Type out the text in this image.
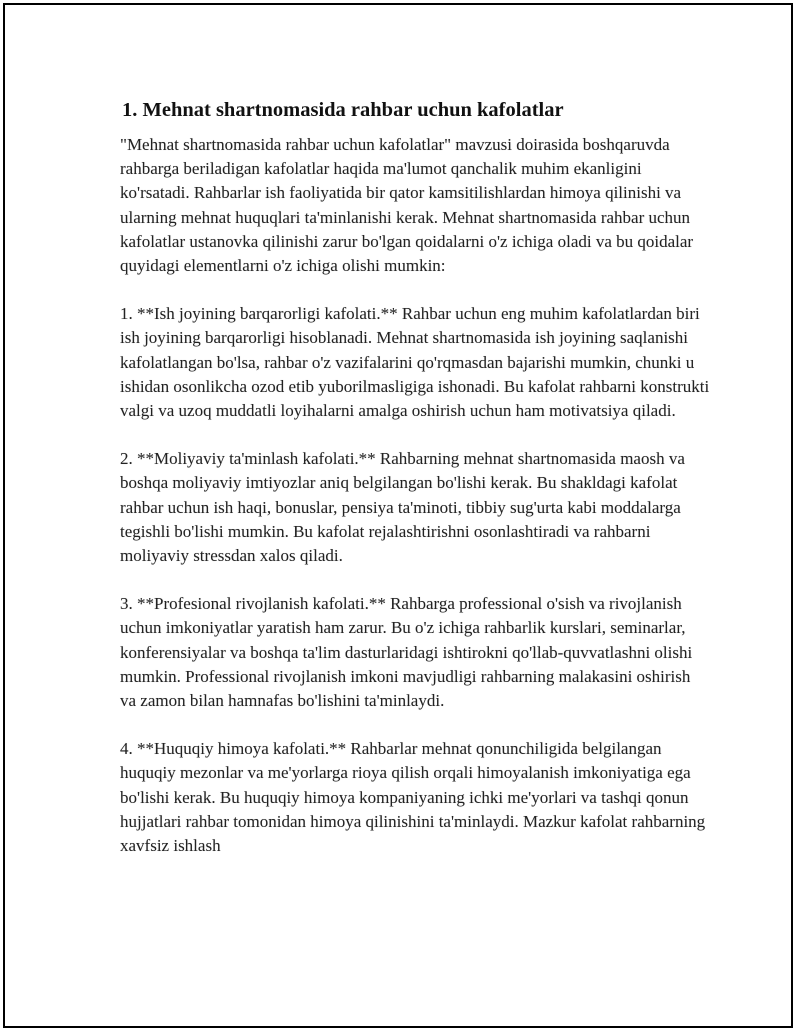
1. Mehnat shartnomasida rahbar uchun kafolatlar

"Mehnat shartnomasida rahbar uchun kafolatlar" mavzusi doirasida boshqaruvda rahbarga beriladigan kafolatlar haqida ma'lumot qanchalik muhim ekanligini ko'rsatadi. Rahbarlar ish faoliyatida bir qator kamsitilishlardan himoya qilinishi va ularning mehnat huquqlari ta'minlanishi kerak. Mehnat shartnomasida rahbar uchun kafolatlar ustanovka qilinishi zarur bo'lgan qoidalarni o'z ichiga oladi va bu qoidalar quyidagi elementlarni o'z ichiga olishi mumkin:

1. **Ish joyining barqarorligi kafolati.** Rahbar uchun eng muhim kafolatlardan biri ish joyining barqarorligi hisoblanadi. Mehnat shartnomasida ish joyining saqlanishi kafolatlangan bo'lsa, rahbar o'z vazifalarini qo'rqmasdan bajarishi mumkin, chunki u ishidan osonlikcha ozod etib yuborilmasligiga ishonadi. Bu kafolat rahbarni konstrukti valgi va uzoq muddatli loyihalarni amalga oshirish uchun ham motivatsiya qiladi.

2. **Moliyaviy ta'minlash kafolati.** Rahbarning mehnat shartnomasida maosh va boshqa moliyaviy imtiyozlar aniq belgilangan bo'lishi kerak. Bu shakldagi kafolat rahbar uchun ish haqi, bonuslar, pensiya ta'minoti, tibbiy sug'urta kabi moddalarga tegishli bo'lishi mumkin. Bu kafolat rejalashtirishni osonlashtiradi va rahbarni moliyaviy stressdan xalos qiladi.

3. **Profesional rivojlanish kafolati.** Rahbarga professional o'sish va rivojlanish uchun imkoniyatlar yaratish ham zarur. Bu o'z ichiga rahbarlik kurslari, seminarlar, konferensiyalar va boshqa ta'lim dasturlaridagi ishtirokni qo'llab-quvvatlashni olishi mumkin. Professional rivojlanish imkoni mavjudligi rahbarning malakasini oshirish va zamon bilan hamnafas bo'lishini ta'minlaydi.

4. **Huquqiy himoya kafolati.** Rahbarlar mehnat qonunchiligida belgilangan huquqiy mezonlar va me'yorlarga rioya qilish orqali himoyalanish imkoniyatiga ega bo'lishi kerak. Bu huquqiy himoya kompaniyaning ichki me'yorlari va tashqi qonun hujjatlari rahbar tomonidan himoya qilinishini ta'minlaydi. Mazkur kafolat rahbarning xavfsiz ishlash
